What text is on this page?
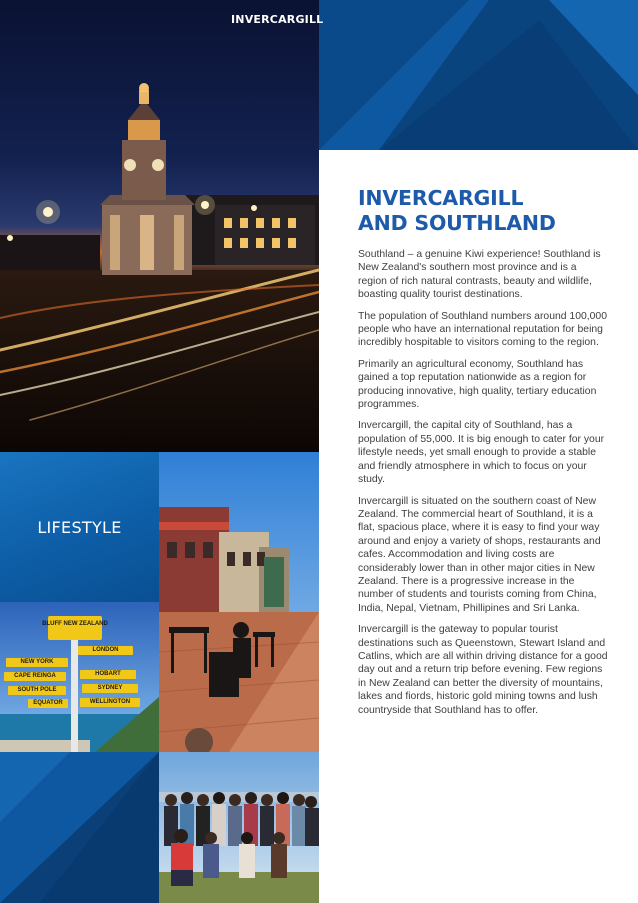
INVERCARGILL
INVERCARGILL
AND SOUTHLAND

Southland – a genuine Kiwi experience! Southland is New Zealand's southern most province and is a region of rich natural contrasts, beauty and wildlife, boasting quality tourist destinations.

The population of Southland numbers around 100,000 people who have an international reputation for being incredibly hospitable to visitors coming to the region.

Primarily an agricultural economy, Southland has gained a top reputation nationwide as a region for producing innovative, high quality, tertiary education programmes.

Invercargill, the capital city of Southland, has a population of 55,000. It is big enough to cater for your lifestyle needs, yet small enough to provide a stable and friendly atmosphere in which to focus on your study.

Invercargill is situated on the southern coast of New Zealand. The commercial heart of Southland, it is a flat, spacious place, where it is easy to find your way around and enjoy a variety of shops, restaurants and cafes. Accommodation and living costs are considerably lower than in other major cities in New Zealand. There is a progressive increase in the number of students and tourists coming from China, India, Nepal, Vietnam, Phillipines and Sri Lanka.

Invercargill is the gateway to popular tourist destinations such as Queenstown, Stewart Island and Catlins, which are all within driving distance for a good day out and a return trip before evening. Few regions in New Zealand can better the diversity of mountains, lakes and fiords, historic gold mining towns and lush countryside that Southland has to offer.

LIFESTYLE
BLUFF NEW ZEALAND
LONDON
NEW YORK
HOBART
CAPE REINGA
SYDNEY
WELLINGTON
SOUTH POLE
EQUATOR
